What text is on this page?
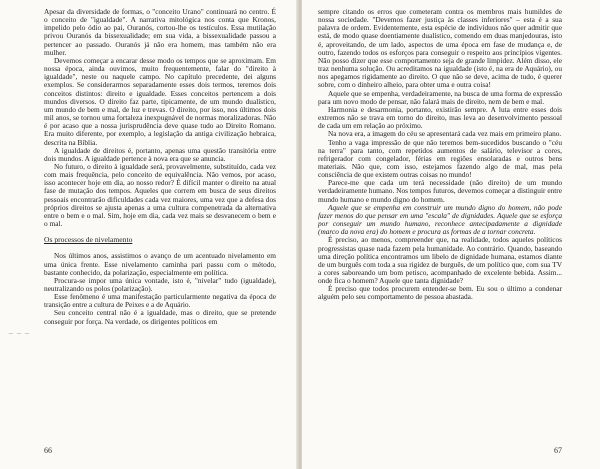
~ ~ ~

Apesar da diversidade de formas, o "conceito Urano" continuará no centro. É o conceito de "igualdade". A narrativa mitológica nos conta que Kronos, impelido pelo ódio ao pai, Ouranós, cortou-lhe os testículos. Essa mutilação privou Ouranós da bissexualidade; em sua vida, a bissexualidade passou a pertencer ao passado. Ouranós já não era homem, mas também não era mulher.

Devemos começar a encarar desse modo os tempos que se aproximam. Em nossa época, ainda ouvimos, muito frequentemente, falar do "direito à igualdade", neste ou naquele campo. No capítulo precedente, dei alguns exemplos. Se considerarmos separadamente esses dois termos, teremos dois conceitos distintos: direito e igualdade. Esses conceitos pertencem a dois mundos diversos. O direito faz parte, tipicamente, de um mundo dualístico, um mundo de bem e mal, de luz e trevas. O direito, por isso, nos últimos dois mil anos, se tornou uma fortaleza inexpugnável de normas moralizadoras. Não é por acaso que a nossa jurisprudência deve quase tudo ao Direito Romano. Era muito diferente, por exemplo, a legislação da antiga civilização hebraica, descrita na Bíblia.

A igualdade de direitos é, portanto, apenas uma questão transitória entre dois mundos. A igualdade pertence à nova era que se anuncia.

No futuro, o direito à igualdade será, provavelmente, substituído, cada vez com mais frequência, pelo conceito de equivalência. Não vemos, por acaso, isso acontecer hoje em dia, ao nosso redor? É difícil manter o direito na atual fase de mutação dos tempos. Aqueles que correm em busca de seus direitos pessoais encontrarão dificuldades cada vez maiores, uma vez que a defesa dos próprios direitos se ajusta apenas a uma cultura compenetrada da alternativa entre o bem e o mal. Sim, hoje em dia, cada vez mais se desvanecem o bem e o mal.

Os processos de nivelamento

Nos últimos anos, assistimos o avanço de um acentuado nivelamento em uma única frente. Esse nivelamento caminha pari passu com o método, bastante conhecido, da polarização, especialmente em política.

Procura-se impor uma única vontade, isto é, "nivelar" tudo (igualdade), neutralizando os polos (polarização).

Esse fenômeno é uma manifestação particularmente negativa da época de transição entre a cultura de Peixes e a de Aquário.

Seu conceito central não é a igualdade, mas o direito, que se pretende conseguir por força. Na verdade, os dirigentes políticos em

66

sempre citando os erros que cometeram contra os membros mais humildes de nossa sociedade. "Devemos fazer justiça às classes inferiores" – esta é a sua palavra de ordem. Evidentemente, esta espécie de indivíduos não quer admitir que está, de modo quase doentiamente dualístico, comendo em duas manjedouras, isto é, aproveitando, de um lado, aspectos de uma época em fase de mudança e, de outro, fazendo todos os esforços para conseguir o respeito aos princípios vigentes. Não posso dizer que esse comportamento seja de grande limpidez. Além disso, ele traz nenhuma solução. Ou acreditamos na igualdade (isto é, na era de Aquário), ou nos apegamos rigidamente ao direito. O que não se deve, acima de tudo, é querer sobre, com o dinheiro alheio, para obter uma e outra coisa!

Aquele que se empenha, verdadeiramente, na busca de uma forma de expressão para um novo modo de pensar, não falará mais de direito, nem de bem e mal.

Harmonia e desarmonia, portanto, existirão sempre. A luta entre esses dois extremos não se trava em torno do direito, mas leva ao desenvolvimento pessoal de cada um em relação ao próximo.

Na nova era, a imagem do céu se apresentará cada vez mais em primeiro plano.

Tenho a vaga impressão de que não teremos bem-sucedidos buscando o "céu na terra" para tanto, com repetidos aumentos de salário, televisor a cores, refrigerador com congelador, férias em regiões ensolaradas e outros bens materiais. Não que, com isso, estejamos fazendo algo de mal, mas pela consciência de que existem outras coisas no mundo!

Parece-me que cada um terá necessidade (não direito) de um mundo verdadeiramente humano. Nos tempos futuros, devemos começar a distinguir entre mundo humano e mundo digno do homem.

Aquele que se empenha em construir um mundo digno do homem, não pode fazer menos do que pensar em uma "escala" de dignidades. Aquele que se esforça por conseguir um mundo humano, reconhece antecipadamente a dignidade (marco da nova era) do homem e procura as formas de a tornar concreta.

É preciso, ao menos, compreender que, na realidade, todos aqueles políticos progressistas quase nada fazem pela humanidade. Ao contrário. Quando, baseando uma direção política encontramos um libelo de dignidade humana, estamos diante de um burguês com toda a sua rigidez de burguês, de um político que, com sua TV a cores saboreando um bom petisco, acompanhado de excelente bebida. Assim... onde fica o homem? Aquele que tanta dignidade?

É preciso que todos procurem entender-se bem. Eu sou o último a condenar alguém pelo seu comportamento de pessoa abastada.

67
